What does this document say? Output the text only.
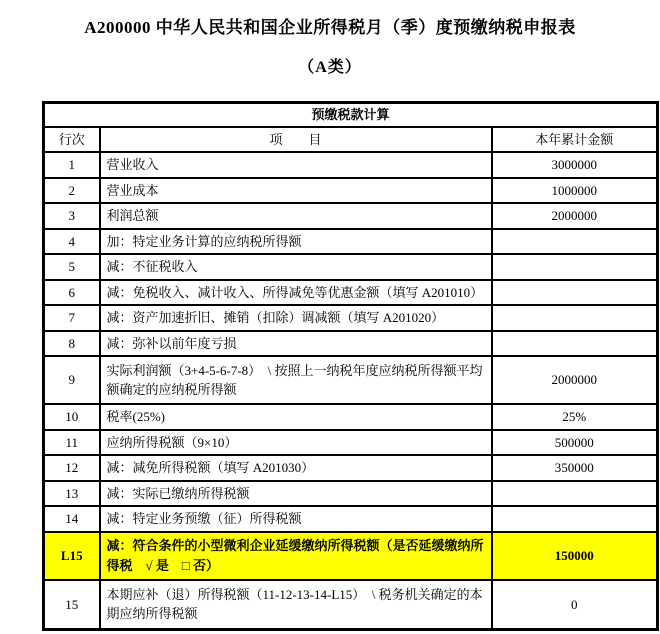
A200000 中华人民共和国企业所得税月（季）度预缴纳税申报表
（A类）
预缴税款计算		
行次	项　　目	本年累计金额
1	营业收入	3000000
2	营业成本	1000000
3	利润总额	2000000
4	加：特定业务计算的应纳税所得额	
5	减：不征税收入	
6	减：免税收入、减计收入、所得减免等优惠金额（填写 A201010）	
7	减：资产加速折旧、摊销（扣除）调减额（填写 A201020）	
8	减：弥补以前年度亏损	
9	实际利润额（3+4-5-6-7-8）　\ 按照上一纳税年度应纳税所得额平均额确定的应纳税所得额	2000000
10	税率(25%)	25%
11	应纳所得税额（9×10）	500000
12	减：减免所得税额（填写 A201030）	350000
13	减：实际已缴纳所得税额	
14	减：特定业务预缴（征）所得税额	
L15	减：符合条件的小型微利企业延缓缴纳所得税额（是否延缓缴纳所得税　√ 是　□ 否）	150000
15	本期应补（退）所得税额（11-12-13-14-L15）　\ 税务机关确定的本期应纳所得税额	0
